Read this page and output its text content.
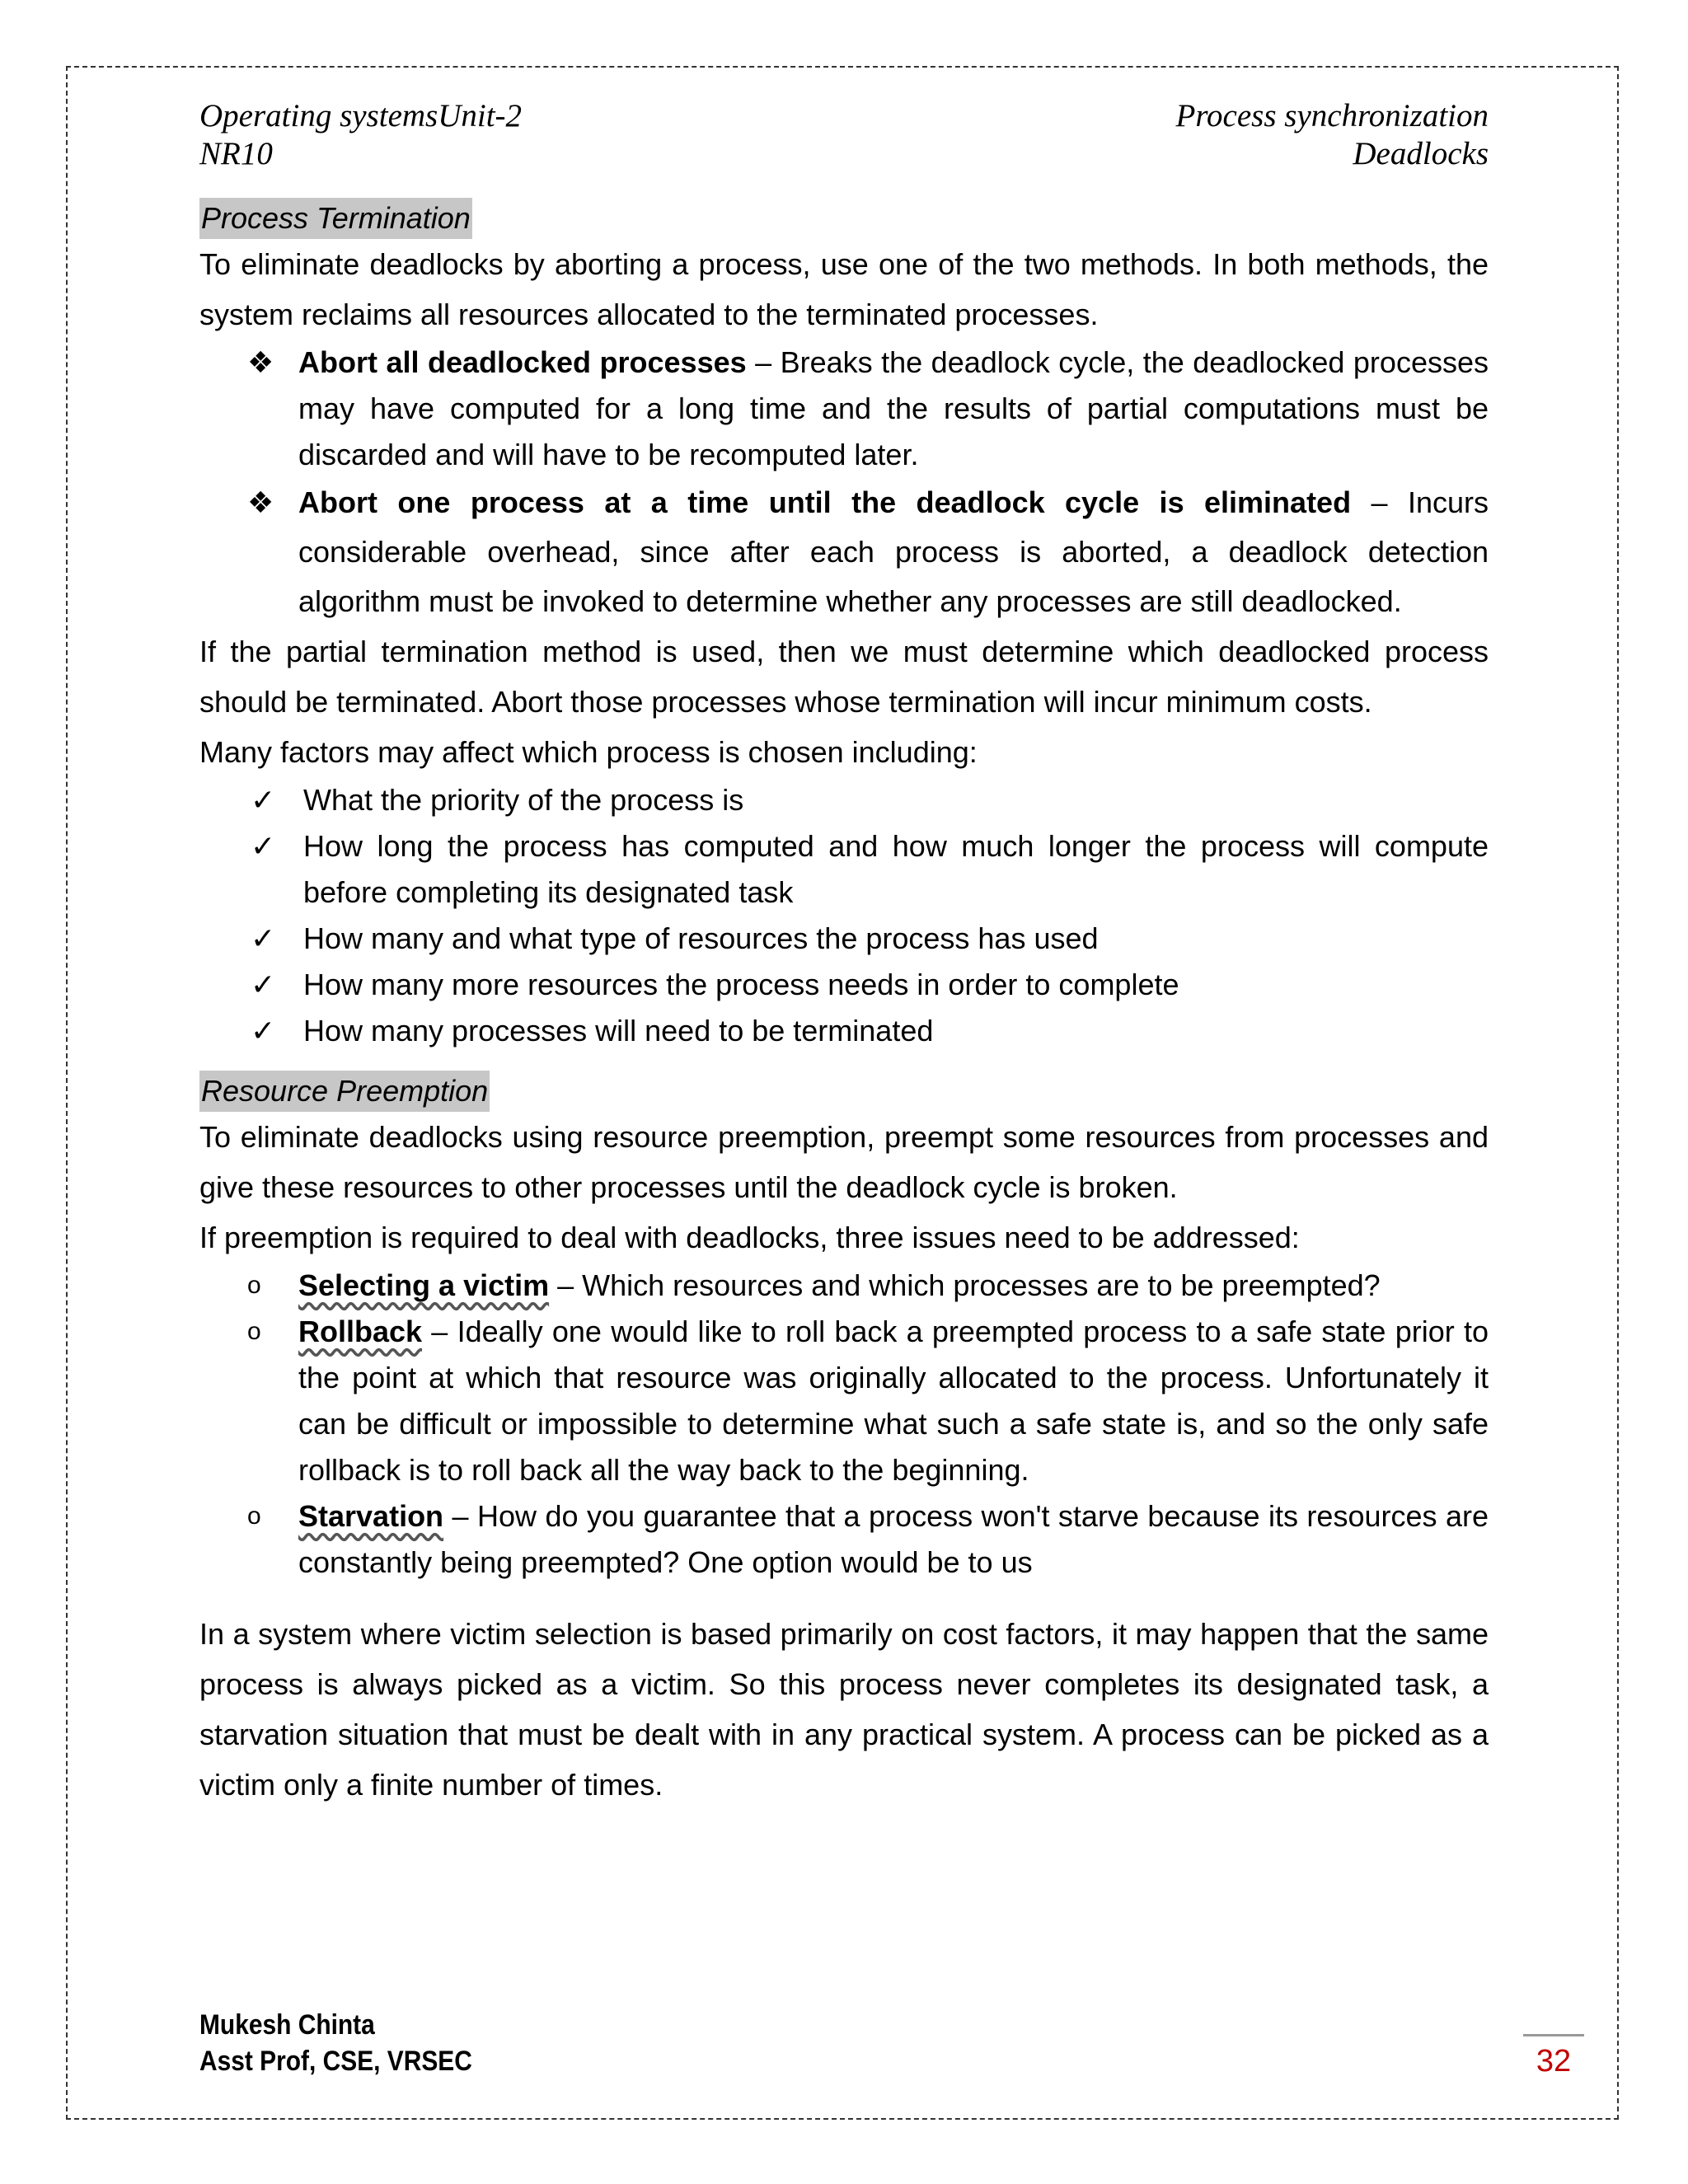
Operating systemsUnit-2	Process synchronization
NR10	Deadlocks
Process Termination

To eliminate deadlocks by aborting a process, use one of the two methods. In both methods, the system reclaims all resources allocated to the terminated processes.

❖ Abort all deadlocked processes – Breaks the deadlock cycle, the deadlocked processes may have computed for a long time and the results of partial computations must be discarded and will have to be recomputed later.
❖ Abort one process at a time until the deadlock cycle is eliminated – Incurs considerable overhead, since after each process is aborted, a deadlock detection algorithm must be invoked to determine whether any processes are still deadlocked.

If the partial termination method is used, then we must determine which deadlocked process should be terminated. Abort those processes whose termination will incur minimum costs.

Many factors may affect which process is chosen including:

✓ What the priority of the process is
✓ How long the process has computed and how much longer the process will compute before completing its designated task
✓ How many and what type of resources the process has used
✓ How many more resources the process needs in order to complete
✓ How many processes will need to be terminated
Resource Preemption

To eliminate deadlocks using resource preemption, preempt some resources from processes and give these resources to other processes until the deadlock cycle is broken.

If preemption is required to deal with deadlocks, three issues need to be addressed:

o Selecting a victim – Which resources and which processes are to be preempted?
o Rollback – Ideally one would like to roll back a preempted process to a safe state prior to the point at which that resource was originally allocated to the process. Unfortunately it can be difficult or impossible to determine what such a safe state is, and so the only safe rollback is to roll back all the way back to the beginning.
o Starvation – How do you guarantee that a process won't starve because its resources are constantly being preempted? One option would be to us

In a system where victim selection is based primarily on cost factors, it may happen that the same process is always picked as a victim. So this process never completes its designated task, a starvation situation that must be dealt with in any practical system. A process can be picked as a victim only a finite number of times.

Mukesh Chinta
Asst Prof, CSE, VRSEC	32
